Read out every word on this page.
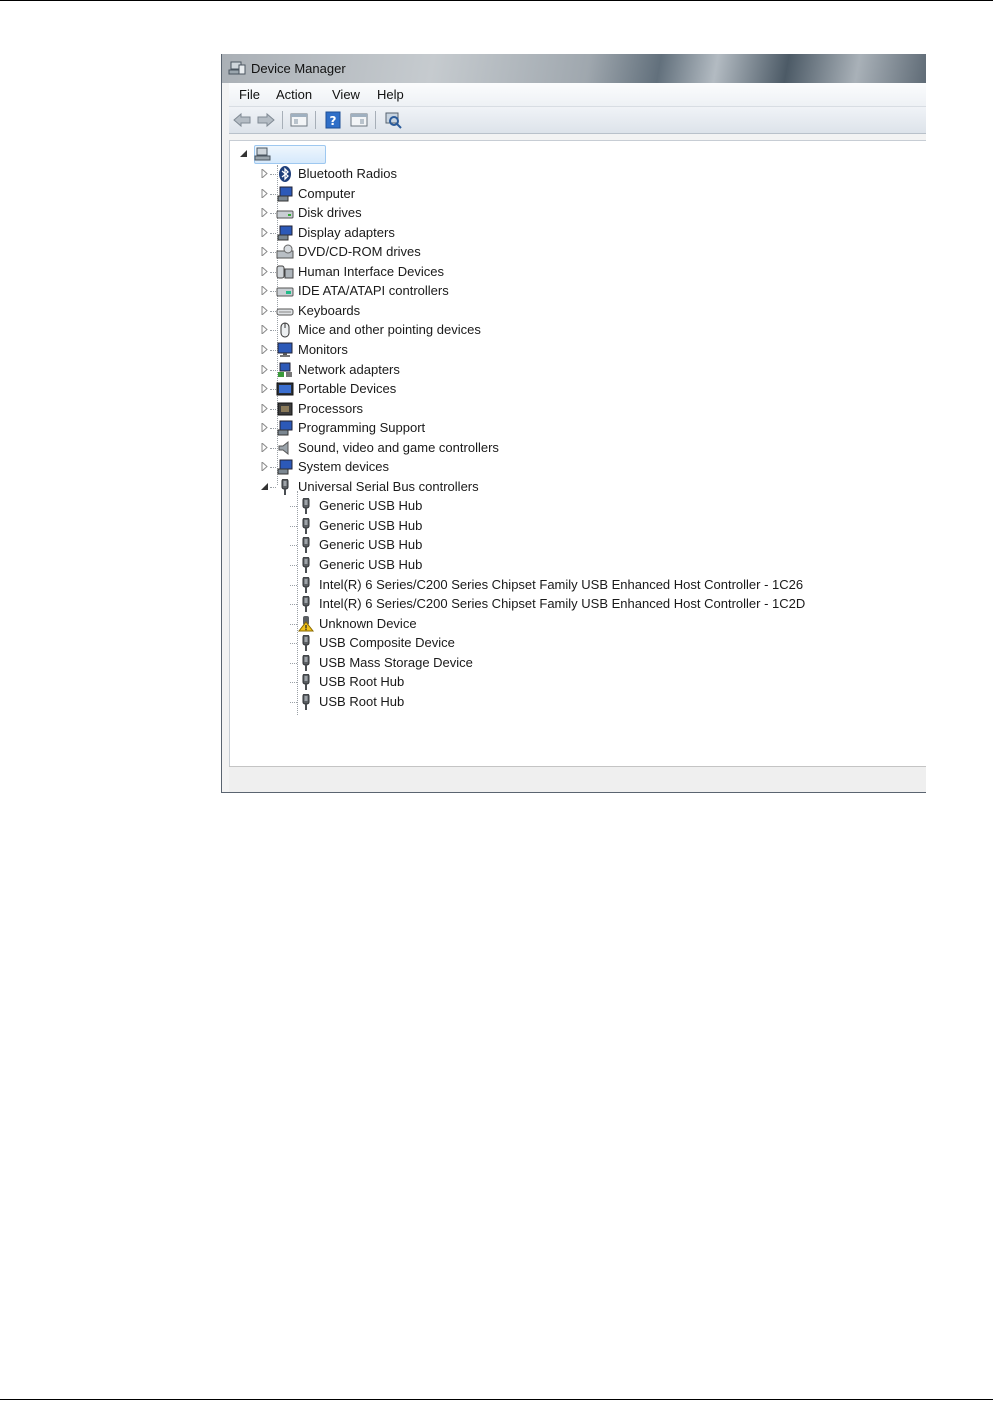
Device Manager
File Action View Help
?
Bluetooth Radios
Computer
Disk drives
Display adapters
DVD/CD-ROM drives
Human Interface Devices
IDE ATA/ATAPI controllers
Keyboards
Mice and other pointing devices
Monitors
Network adapters
Portable Devices
Processors
Programming Support
Sound, video and game controllers
System devices
Universal Serial Bus controllers
Generic USB Hub
Generic USB Hub
Generic USB Hub
Generic USB Hub
Intel(R) 6 Series/C200 Series Chipset Family USB Enhanced Host Controller - 1C26
Intel(R) 6 Series/C200 Series Chipset Family USB Enhanced Host Controller - 1C2D
Unknown Device
USB Composite Device
USB Mass Storage Device
USB Root Hub
USB Root Hub
